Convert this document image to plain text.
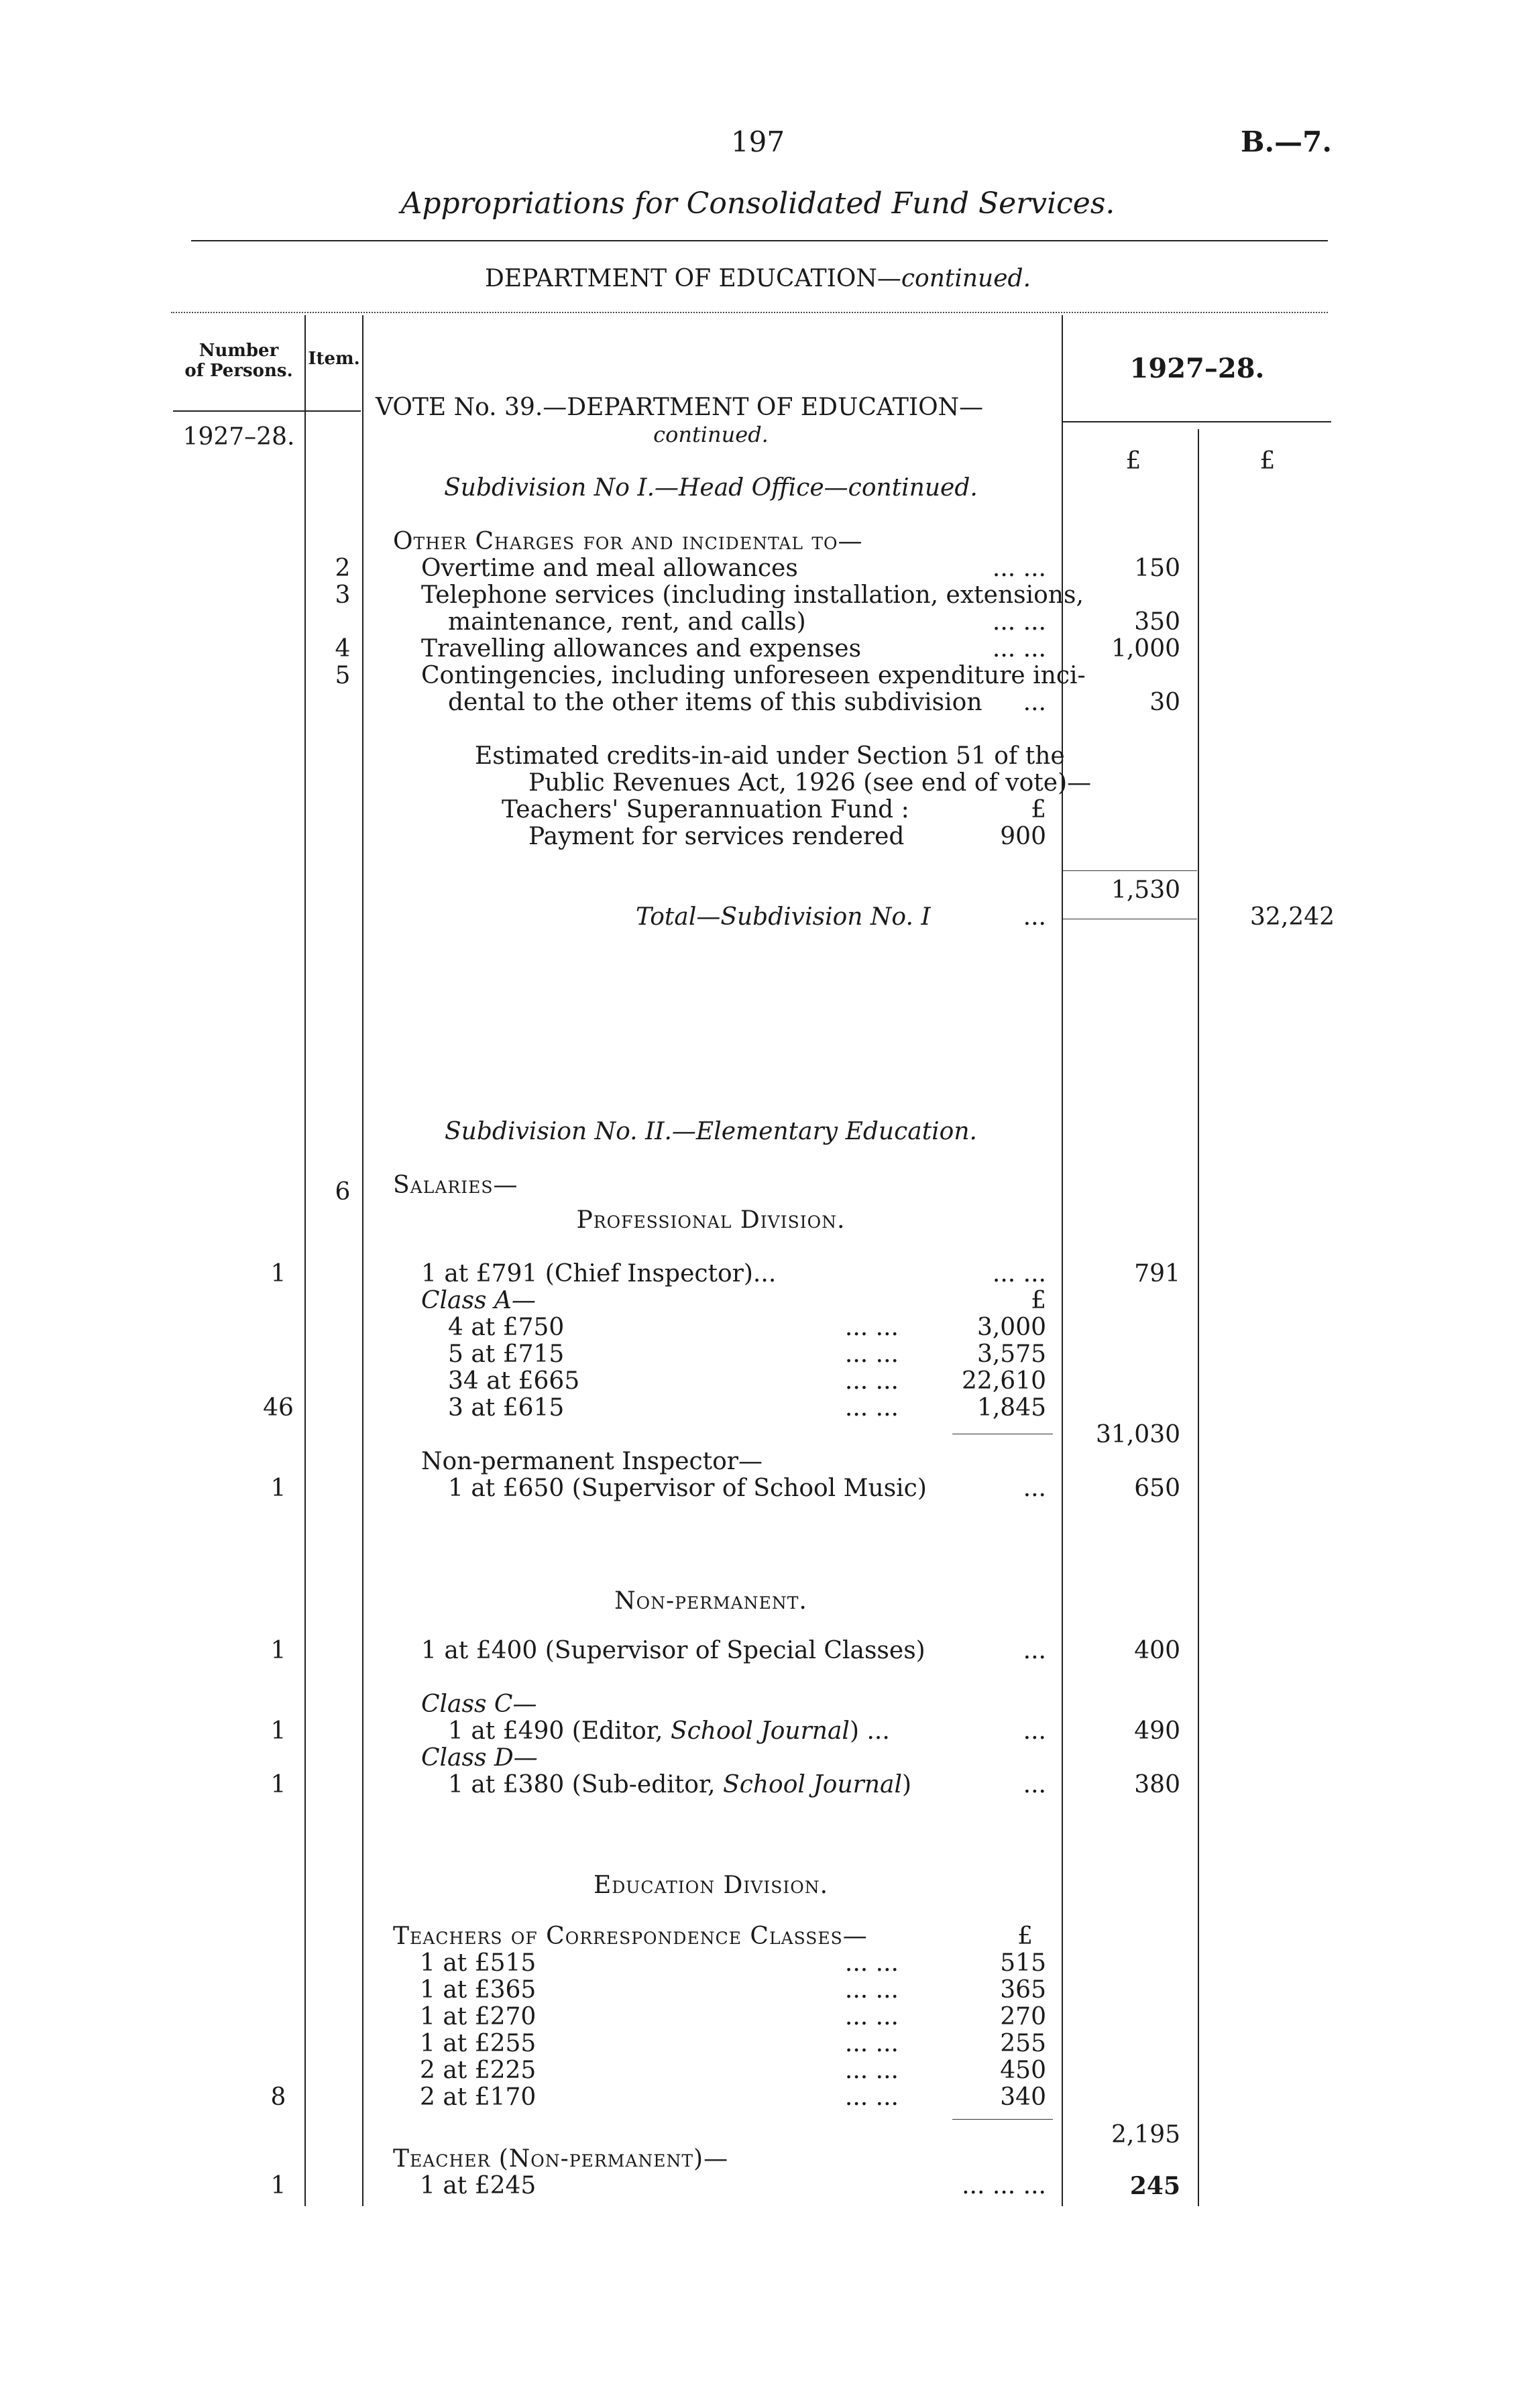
197	B.—7.
Appropriations for Consolidated Fund Services.
DEPARTMENT OF EDUCATION—continued.
Number
of Persons.
Item.	1927–28.
1927–28.
£	£
VOTE No. 39.—DEPARTMENT OF EDUCATION—
continued.
Subdivision No I.—Head Office—continued.
Other Charges for and incidental to—
2	Overtime and meal allowances	... ...	150
3	Telephone services (including installation, extensions,
maintenance, rent, and calls)	... ...	350
4	Travelling allowances and expenses	... ...	1,000
5	Contingencies, including unforeseen expenditure inci-
dental to the other items of this subdivision	...	30
Estimated credits-in-aid under Section 51 of the
Public Revenues Act, 1926 (see end of vote)—
Teachers' Superannuation Fund :	£
Payment for services rendered	900
1,530
Total—Subdivision No. I	...	32,242
Subdivision No. II.—Elementary Education.
6	Salaries—
Professional Division.
1	1 at £791 (Chief Inspector)...	... ...	791
Class A—	£
4 at £750	... ...	3,000
5 at £715	... ...	3,575
34 at £665	... ...	22,610
46	3 at £615	... ...	1,845
31,030
Non-permanent Inspector—
1	1 at £650 (Supervisor of School Music)	...	650
Non-permanent.
1	1 at £400 (Supervisor of Special Classes)	...	400
Class C—
1	1 at £490 (Editor, School Journal) ...	...	490
Class D—
1	1 at £380 (Sub-editor, School Journal)	...	380
Education Division.
Teachers of Correspondence Classes—	£
1 at £515	... ...	515
1 at £365	... ...	365
1 at £270	... ...	270
1 at £255	... ...	255
2 at £225	... ...	450
8	2 at £170	... ...	340
2,195
Teacher (Non-permanent)—
1	1 at £245	... ... ...	245
